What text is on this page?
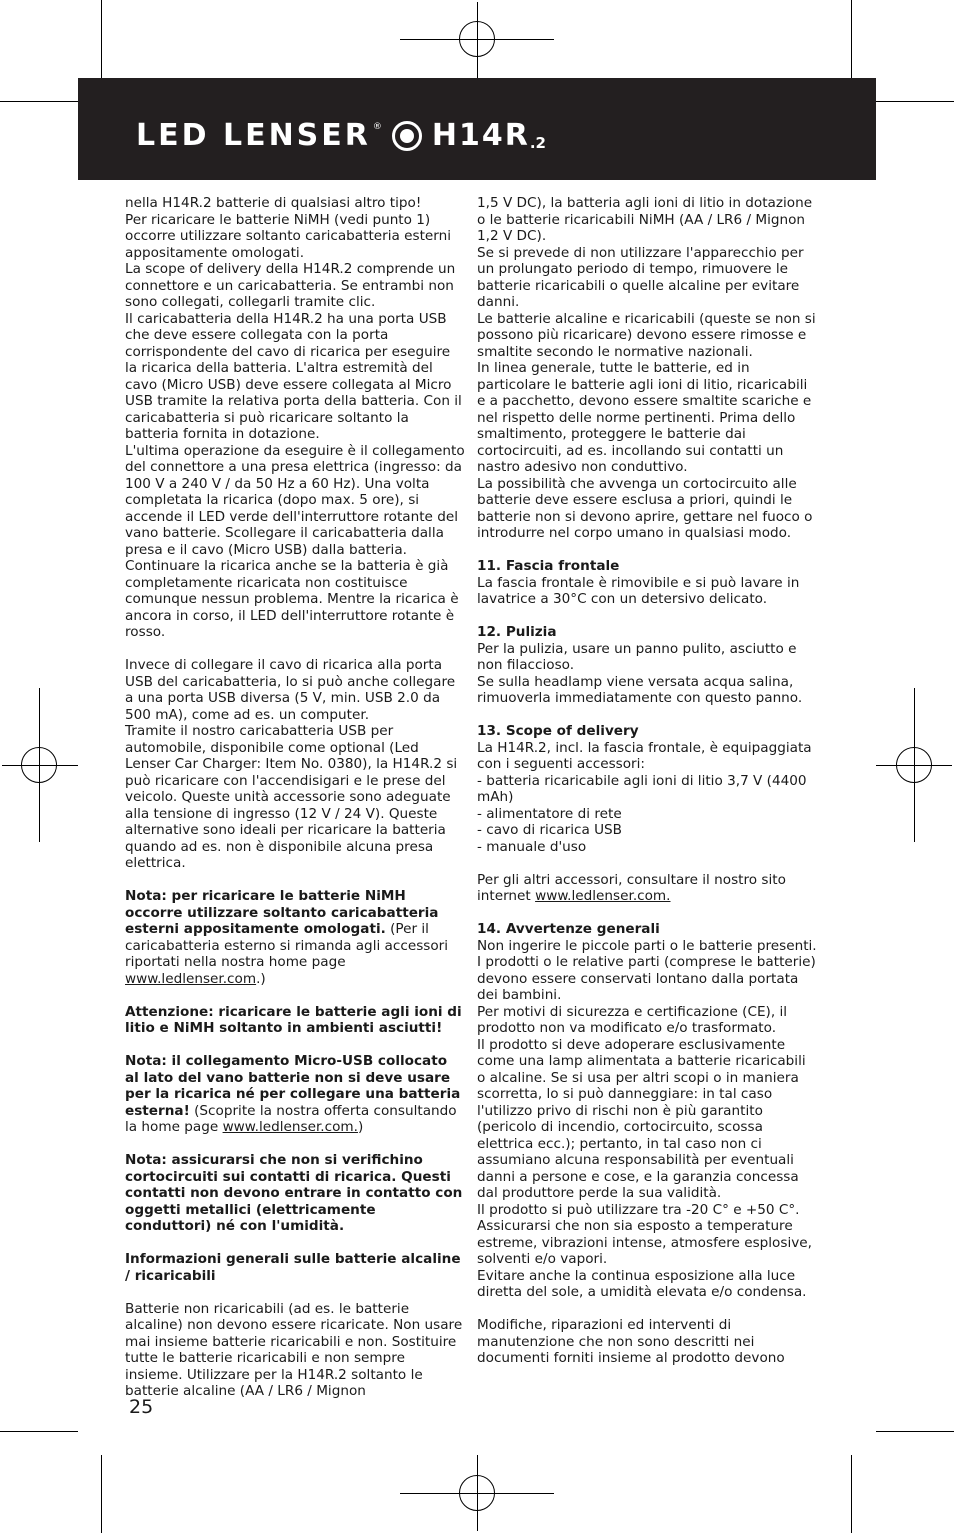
LED LENSER ® H14R .2

nella H14R.2 batterie di qualsiasi altro tipo!

Per ricaricare le batterie NiMH (vedi punto 1) occorre utilizzare soltanto caricabatteria esterni appositamente omologati.

La scope of delivery della H14R.2 comprende un connettore e un caricabatteria. Se entrambi non sono collegati, collegarli tramite clic.

Il caricabatteria della H14R.2 ha una porta USB che deve essere collegata con la porta corrispondente del cavo di ricarica per eseguire la ricarica della batteria. L'altra estremità del cavo (Micro USB) deve essere collegata al Micro USB tramite la relativa porta della batteria. Con il caricabatteria si può ricaricare soltanto la batteria fornita in dotazione.

L'ultima operazione da eseguire è il collegamento del connettore a una presa elettrica (ingresso: da 100 V a 240 V / da 50 Hz a 60 Hz). Una volta completata la ricarica (dopo max. 5 ore), si accende il LED verde dell'interruttore rotante del vano batterie. Scollegare il caricabatteria dalla presa e il cavo (Micro USB) dalla batteria. Continuare la ricarica anche se la batteria è già completamente ricaricata non costituisce comunque nessun problema. Mentre la ricarica è ancora in corso, il LED dell'interruttore rotante è rosso.

Invece di collegare il cavo di ricarica alla porta USB del caricabatteria, lo si può anche collegare a una porta USB diversa (5 V, min. USB 2.0 da 500 mA), come ad es. un computer.

Tramite il nostro caricabatteria USB per automobile, disponibile come optional (Led Lenser Car Charger: Item No. 0380), la H14R.2 si può ricaricare con l'accendisigari e le prese del veicolo. Queste unità accessorie sono adeguate alla tensione di ingresso (12 V / 24 V). Queste alternative sono ideali per ricaricare la batteria quando ad es. non è disponibile alcuna presa elettrica.

Nota: per ricaricare le batterie NiMH occorre utilizzare soltanto caricabatteria esterni appositamente omologati. (Per il caricabatteria esterno si rimanda agli accessori riportati nella nostra home page www.ledlenser.com.)

Attenzione: ricaricare le batterie agli ioni di litio e NiMH soltanto in ambienti asciutti!

Nota: il collegamento Micro-USB collocato al lato del vano batterie non si deve usare per la ricarica né per collegare una batteria esterna! (Scoprite la nostra offerta consultando la home page www.ledlenser.com.)

Nota: assicurarsi che non si verifichino cortocircuiti sui contatti di ricarica. Questi contatti non devono entrare in contatto con oggetti metallici (elettricamente conduttori) né con l'umidità.

Informazioni generali sulle batterie alcaline / ricaricabili

Batterie non ricaricabili (ad es. le batterie alcaline) non devono essere ricaricate. Non usare mai insieme batterie ricaricabili e non. Sostituire tutte le batterie ricaricabili e non sempre insieme. Utilizzare per la H14R.2 soltanto le batterie alcaline (AA / LR6 / Mignon

1,5 V DC), la batteria agli ioni di litio in dotazione o le batterie ricaricabili NiMH (AA / LR6 / Mignon 1,2 V DC).

Se si prevede di non utilizzare l'apparecchio per un prolungato periodo di tempo, rimuovere le batterie ricaricabili o quelle alcaline per evitare danni.

Le batterie alcaline e ricaricabili (queste se non si possono più ricaricare) devono essere rimosse e smaltite secondo le normative nazionali.

In linea generale, tutte le batterie, ed in particolare le batterie agli ioni di litio, ricaricabili e a pacchetto, devono essere smaltite scariche e nel rispetto delle norme pertinenti. Prima dello smaltimento, proteggere le batterie dai cortocircuiti, ad es. incollando sui contatti un nastro adesivo non conduttivo.

La possibilità che avvenga un cortocircuito alle batterie deve essere esclusa a priori, quindi le batterie non si devono aprire, gettare nel fuoco o introdurre nel corpo umano in qualsiasi modo.

11. Fascia frontale

La fascia frontale è rimovibile e si può lavare in lavatrice a 30°C con un detersivo delicato.

12. Pulizia

Per la pulizia, usare un panno pulito, asciutto e non filaccioso.

Se sulla headlamp viene versata acqua salina, rimuoverla immediatamente con questo panno.

13. Scope of delivery

La H14R.2, incl. la fascia frontale, è equipaggiata con i seguenti accessori:

- batteria ricaricabile agli ioni di litio 3,7 V (4400 mAh)

- alimentatore di rete

- cavo di ricarica USB

- manuale d'uso

Per gli altri accessori, consultare il nostro sito internet www.ledlenser.com.

14. Avvertenze generali

Non ingerire le piccole parti o le batterie presenti. I prodotti o le relative parti (comprese le batterie) devono essere conservati lontano dalla portata dei bambini.

Per motivi di sicurezza e certificazione (CE), il prodotto non va modificato e/o trasformato.

Il prodotto si deve adoperare esclusivamente come una lamp alimentata a batterie ricaricabili o alcaline. Se si usa per altri scopi o in maniera scorretta, lo si può danneggiare: in tal caso l'utilizzo privo di rischi non è più garantito (pericolo di incendio, cortocircuito, scossa elettrica ecc.); pertanto, in tal caso non ci assumiano alcuna responsabilità per eventuali danni a persone e cose, e la garanzia concessa dal produttore perde la sua validità.

Il prodotto si può utilizzare tra -20 C° e +50 C°. Assicurarsi che non sia esposto a temperature estreme, vibrazioni intense, atmosfere esplosive, solventi e/o vapori.

Evitare anche la continua esposizione alla luce diretta del sole, a umidità elevata e/o condensa.

Modifiche, riparazioni ed interventi di manutenzione che non sono descritti nei documenti forniti insieme al prodotto devono

25
